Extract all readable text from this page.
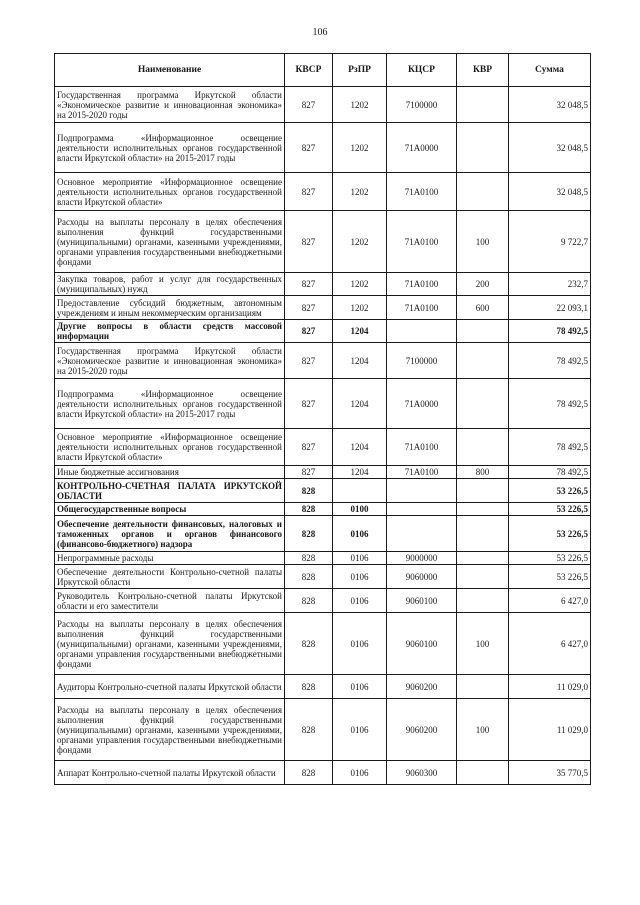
106
Наименование	КВСР	РзПР	КЦСР	КВР	Сумма
Государственная программа Иркутской области «Экономическое развитие и инновационная экономика» на 2015-2020 годы	827	1202	7100000		32 048,5
Подпрограмма «Информационное освещение деятельности исполнительных органов государственной власти Иркутской области» на 2015-2017 годы	827	1202	71А0000		32 048,5
Основное мероприятие «Информационное освещение деятельности исполнительных органов государственной власти Иркутской области»	827	1202	71А0100		32 048,5
Расходы на выплаты персоналу в целях обеспечения выполнения функций государственными (муниципальными) органами, казенными учреждениями, органами управления государственными внебюджетными фондами	827	1202	71А0100	100	9 722,7
Закупка товаров, работ и услуг для государственных (муниципальных) нужд	827	1202	71А0100	200	232,7
Предоставление субсидий бюджетным, автономным учреждениям и иным некоммерческим организациям	827	1202	71А0100	600	22 093,1
Другие вопросы в области средств массовой информации	827	1204			78 492,5
Государственная программа Иркутской области «Экономическое развитие и инновационная экономика» на 2015-2020 годы	827	1204	7100000		78 492,5
Подпрограмма «Информационное освещение деятельности исполнительных органов государственной власти Иркутской области» на 2015-2017 годы	827	1204	71А0000		78 492,5
Основное мероприятие «Информационное освещение деятельности исполнительных органов государственной власти Иркутской области»	827	1204	71А0100		78 492,5
Иные бюджетные ассигнования	827	1204	71А0100	800	78 492,5
КОНТРОЛЬНО-СЧЕТНАЯ ПАЛАТА ИРКУТСКОЙ ОБЛАСТИ	828				53 226,5
Общегосударственные вопросы	828	0100			53 226,5
Обеспечение деятельности финансовых, налоговых и таможенных органов и органов финансового (финансово-бюджетного) надзора	828	0106			53 226,5
Непрограммные расходы	828	0106	9000000		53 226,5
Обеспечение деятельности Контрольно-счетной палаты Иркутской области	828	0106	9060000		53 226,5
Руководитель Контрольно-счетной палаты Иркутской области и его заместители	828	0106	9060100		6 427,0
Расходы на выплаты персоналу в целях обеспечения выполнения функций государственными (муниципальными) органами, казенными учреждениями, органами управления государственными внебюджетными фондами	828	0106	9060100	100	6 427,0
Аудиторы Контрольно-счетной палаты Иркутской области	828	0106	9060200		11 029,0
Расходы на выплаты персоналу в целях обеспечения выполнения функций государственными (муниципальными) органами, казенными учреждениями, органами управления государственными внебюджетными фондами	828	0106	9060200	100	11 029,0
Аппарат Контрольно-счетной палаты Иркутской области	828	0106	9060300		35 770,5
